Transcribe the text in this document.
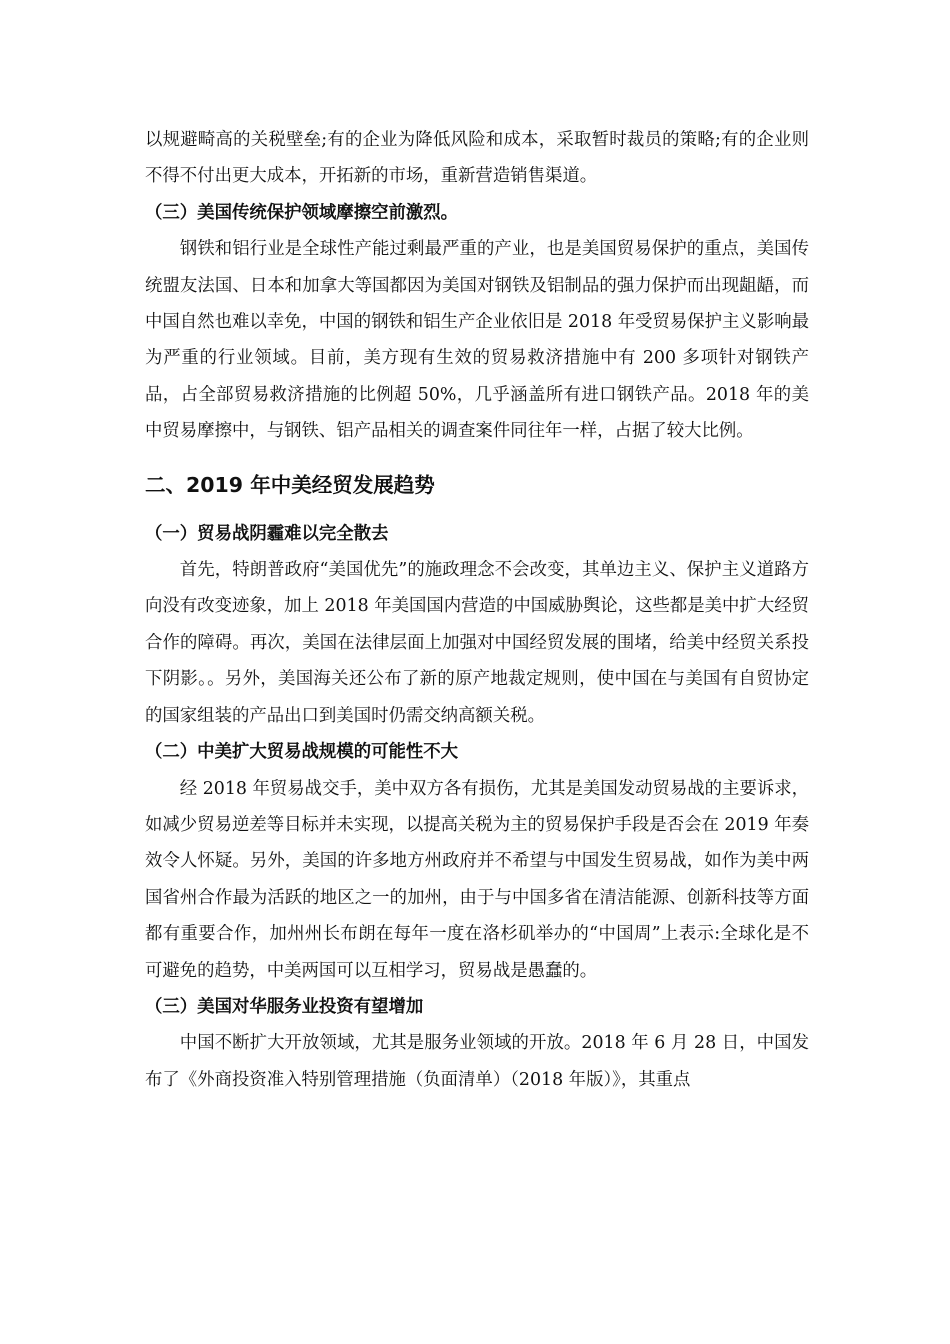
以规避畸高的关税壁垒;有的企业为降低风险和成本，采取暂时裁员的策略;有的企业则不得不付出更大成本，开拓新的市场，重新营造销售渠道。

（三）美国传统保护领域摩擦空前激烈。

钢铁和铝行业是全球性产能过剩最严重的产业，也是美国贸易保护的重点，美国传统盟友法国、日本和加拿大等国都因为美国对钢铁及铝制品的强力保护而出现龃龉，而中国自然也难以幸免，中国的钢铁和铝生产企业依旧是 2018 年受贸易保护主义影响最为严重的行业领域。目前，美方现有生效的贸易救济措施中有 200 多项针对钢铁产品，占全部贸易救济措施的比例超 50%，几乎涵盖所有进口钢铁产品。2018 年的美中贸易摩擦中，与钢铁、铝产品相关的调查案件同往年一样，占据了较大比例。

二、2019 年中美经贸发展趋势

（一）贸易战阴霾难以完全散去

首先，特朗普政府“美国优先”的施政理念不会改变，其单边主义、保护主义道路方向没有改变迹象，加上 2018 年美国国内营造的中国威胁舆论，这些都是美中扩大经贸合作的障碍。再次，美国在法律层面上加强对中国经贸发展的围堵，给美中经贸关系投下阴影。。另外，美国海关还公布了新的原产地裁定规则，使中国在与美国有自贸协定的国家组装的产品出口到美国时仍需交纳高额关税。

（二）中美扩大贸易战规模的可能性不大

经 2018 年贸易战交手，美中双方各有损伤，尤其是美国发动贸易战的主要诉求，如减少贸易逆差等目标并未实现，以提高关税为主的贸易保护手段是否会在 2019 年奏效令人怀疑。另外，美国的许多地方州政府并不希望与中国发生贸易战，如作为美中两国省州合作最为活跃的地区之一的加州，由于与中国多省在清洁能源、创新科技等方面都有重要合作，加州州长布朗在每年一度在洛杉矶举办的“中国周”上表示:全球化是不可避免的趋势，中美两国可以互相学习，贸易战是愚蠢的。

（三）美国对华服务业投资有望增加

中国不断扩大开放领域，尤其是服务业领域的开放。2018 年 6 月 28 日，中国发布了《外商投资准入特别管理措施（负面清单）（2018 年版）》，其重点
